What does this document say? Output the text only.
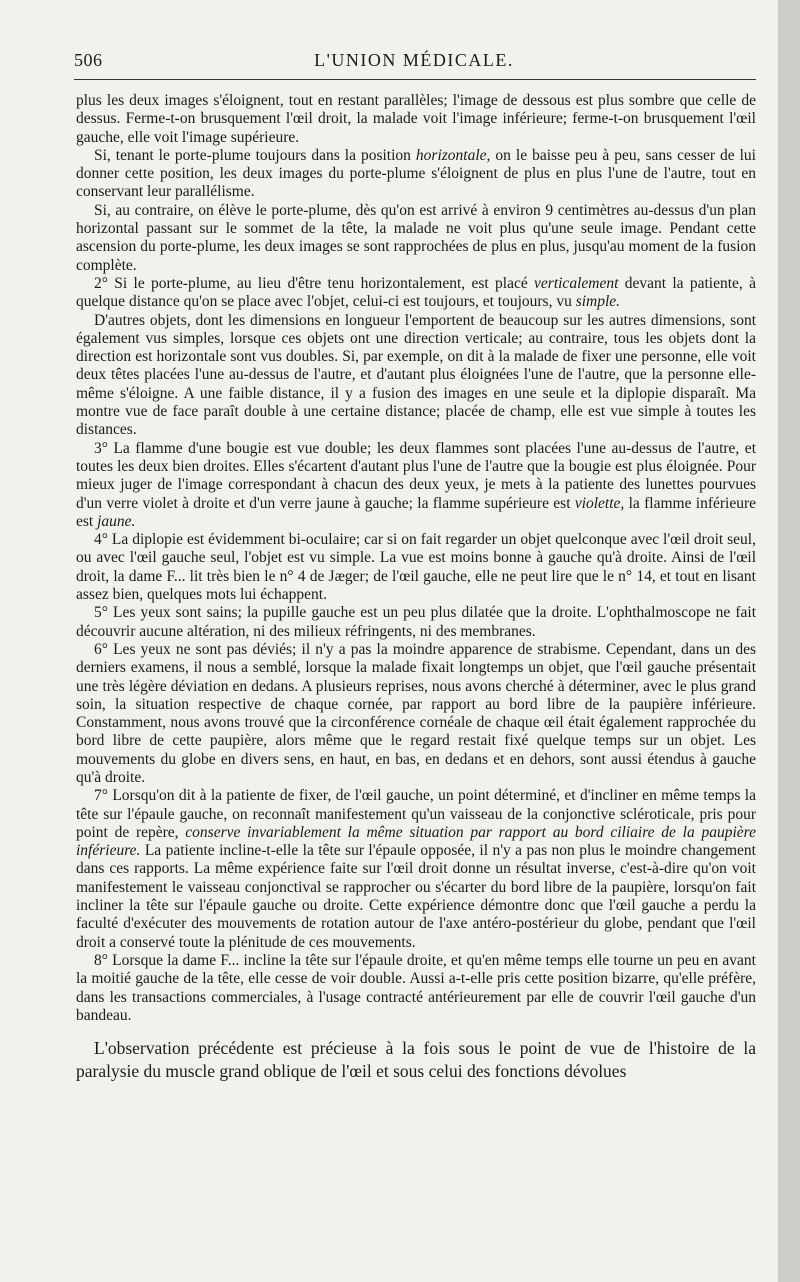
506	L'UNION MÉDICALE.

plus les deux images s'éloignent, tout en restant parallèles; l'image de dessous est plus sombre que celle de dessus. Ferme-t-on brusquement l'œil droit, la malade voit l'image inférieure; ferme-t-on brusquement l'œil gauche, elle voit l'image supérieure.

Si, tenant le porte-plume toujours dans la position horizontale, on le baisse peu à peu, sans cesser de lui donner cette position, les deux images du porte-plume s'éloignent de plus en plus l'une de l'autre, tout en conservant leur parallélisme.

Si, au contraire, on élève le porte-plume, dès qu'on est arrivé à environ 9 centimètres au-dessus d'un plan horizontal passant sur le sommet de la tête, la malade ne voit plus qu'une seule image. Pendant cette ascension du porte-plume, les deux images se sont rapprochées de plus en plus, jusqu'au moment de la fusion complète.

2° Si le porte-plume, au lieu d'être tenu horizontalement, est placé verticalement devant la patiente, à quelque distance qu'on se place avec l'objet, celui-ci est toujours, et toujours, vu simple.

D'autres objets, dont les dimensions en longueur l'emportent de beaucoup sur les autres dimensions, sont également vus simples, lorsque ces objets ont une direction verticale; au contraire, tous les objets dont la direction est horizontale sont vus doubles. Si, par exemple, on dit à la malade de fixer une personne, elle voit deux têtes placées l'une au-dessus de l'autre, et d'autant plus éloignées l'une de l'autre, que la personne elle-même s'éloigne. A une faible distance, il y a fusion des images en une seule et la diplopie disparaît. Ma montre vue de face paraît double à une certaine distance; placée de champ, elle est vue simple à toutes les distances.

3° La flamme d'une bougie est vue double; les deux flammes sont placées l'une au-dessus de l'autre, et toutes les deux bien droites. Elles s'écartent d'autant plus l'une de l'autre que la bougie est plus éloignée. Pour mieux juger de l'image correspondant à chacun des deux yeux, je mets à la patiente des lunettes pourvues d'un verre violet à droite et d'un verre jaune à gauche; la flamme supérieure est violette, la flamme inférieure est jaune.

4° La diplopie est évidemment bi-oculaire; car si on fait regarder un objet quelconque avec l'œil droit seul, ou avec l'œil gauche seul, l'objet est vu simple. La vue est moins bonne à gauche qu'à droite. Ainsi de l'œil droit, la dame F... lit très bien le n° 4 de Jæger; de l'œil gauche, elle ne peut lire que le n° 14, et tout en lisant assez bien, quelques mots lui échappent.

5° Les yeux sont sains; la pupille gauche est un peu plus dilatée que la droite. L'ophthalmoscope ne fait découvrir aucune altération, ni des milieux réfringents, ni des membranes.

6° Les yeux ne sont pas déviés; il n'y a pas la moindre apparence de strabisme. Cependant, dans un des derniers examens, il nous a semblé, lorsque la malade fixait longtemps un objet, que l'œil gauche présentait une très légère déviation en dedans. A plusieurs reprises, nous avons cherché à déterminer, avec le plus grand soin, la situation respective de chaque cornée, par rapport au bord libre de la paupière inférieure. Constamment, nous avons trouvé que la circonférence cornéale de chaque œil était également rapprochée du bord libre de cette paupière, alors même que le regard restait fixé quelque temps sur un objet. Les mouvements du globe en divers sens, en haut, en bas, en dedans et en dehors, sont aussi étendus à gauche qu'à droite.

7° Lorsqu'on dit à la patiente de fixer, de l'œil gauche, un point déterminé, et d'incliner en même temps la tête sur l'épaule gauche, on reconnaît manifestement qu'un vaisseau de la conjonctive scléroticale, pris pour point de repère, conserve invariablement la même situation par rapport au bord ciliaire de la paupière inférieure. La patiente incline-t-elle la tête sur l'épaule opposée, il n'y a pas non plus le moindre changement dans ces rapports. La même expérience faite sur l'œil droit donne un résultat inverse, c'est-à-dire qu'on voit manifestement le vaisseau conjonctival se rapprocher ou s'écarter du bord libre de la paupière, lorsqu'on fait incliner la tête sur l'épaule gauche ou droite. Cette expérience démontre donc que l'œil gauche a perdu la faculté d'exécuter des mouvements de rotation autour de l'axe antéro-postérieur du globe, pendant que l'œil droit a conservé toute la plénitude de ces mouvements.

8° Lorsque la dame F... incline la tête sur l'épaule droite, et qu'en même temps elle tourne un peu en avant la moitié gauche de la tête, elle cesse de voir double. Aussi a-t-elle pris cette position bizarre, qu'elle préfère, dans les transactions commerciales, à l'usage contracté antérieurement par elle de couvrir l'œil gauche d'un bandeau.

L'observation précédente est précieuse à la fois sous le point de vue de l'histoire de la paralysie du muscle grand oblique de l'œil et sous celui des fonctions dévolues
